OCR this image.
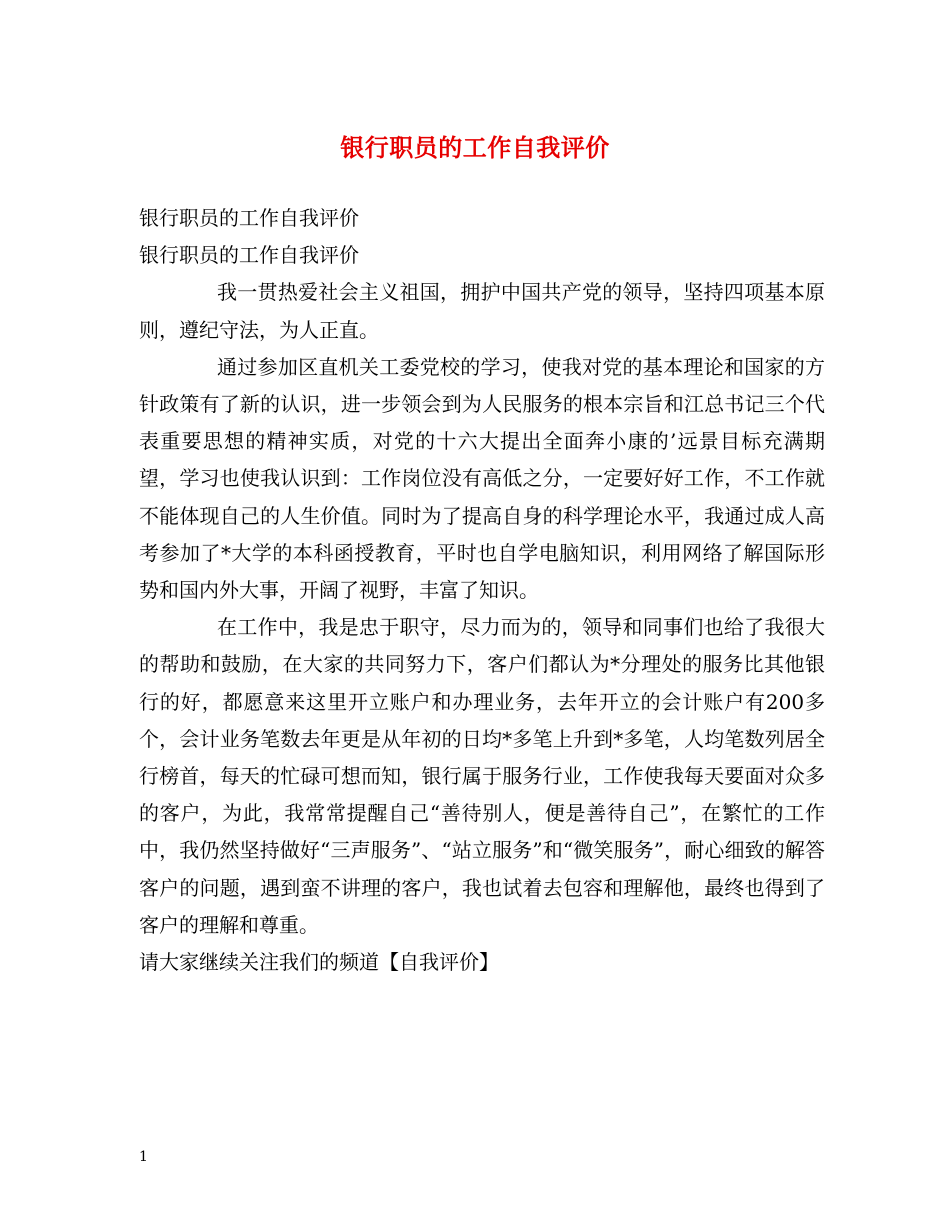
银行职员的工作自我评价

银行职员的工作自我评价

银行职员的工作自我评价

我一贯热爱社会主义祖国，拥护中国共产党的领导，坚持四项基本原则，遵纪守法，为人正直。

通过参加区直机关工委党校的学习，使我对党的基本理论和国家的方针政策有了新的认识，进一步领会到为人民服务的根本宗旨和江总书记三个代表重要思想的精神实质，对党的十六大提出全面奔小康的’远景目标充满期望，学习也使我认识到：工作岗位没有高低之分，一定要好好工作，不工作就不能体现自己的人生价值。同时为了提高自身的科学理论水平，我通过成人高考参加了*大学的本科函授教育，平时也自学电脑知识，利用网络了解国际形势和国内外大事，开阔了视野，丰富了知识。

在工作中，我是忠于职守，尽力而为的，领导和同事们也给了我很大的帮助和鼓励，在大家的共同努力下，客户们都认为*分理处的服务比其他银行的好，都愿意来这里开立账户和办理业务，去年开立的会计账户有200多个，会计业务笔数去年更是从年初的日均*多笔上升到*多笔，人均笔数列居全行榜首，每天的忙碌可想而知，银行属于服务行业，工作使我每天要面对众多的客户，为此，我常常提醒自己“善待别人，便是善待自己”，在繁忙的工作中，我仍然坚持做好“三声服务”、“站立服务”和“微笑服务”，耐心细致的解答客户的问题，遇到蛮不讲理的客户，我也试着去包容和理解他，最终也得到了客户的理解和尊重。

请大家继续关注我们的频道【自我评价】

1
